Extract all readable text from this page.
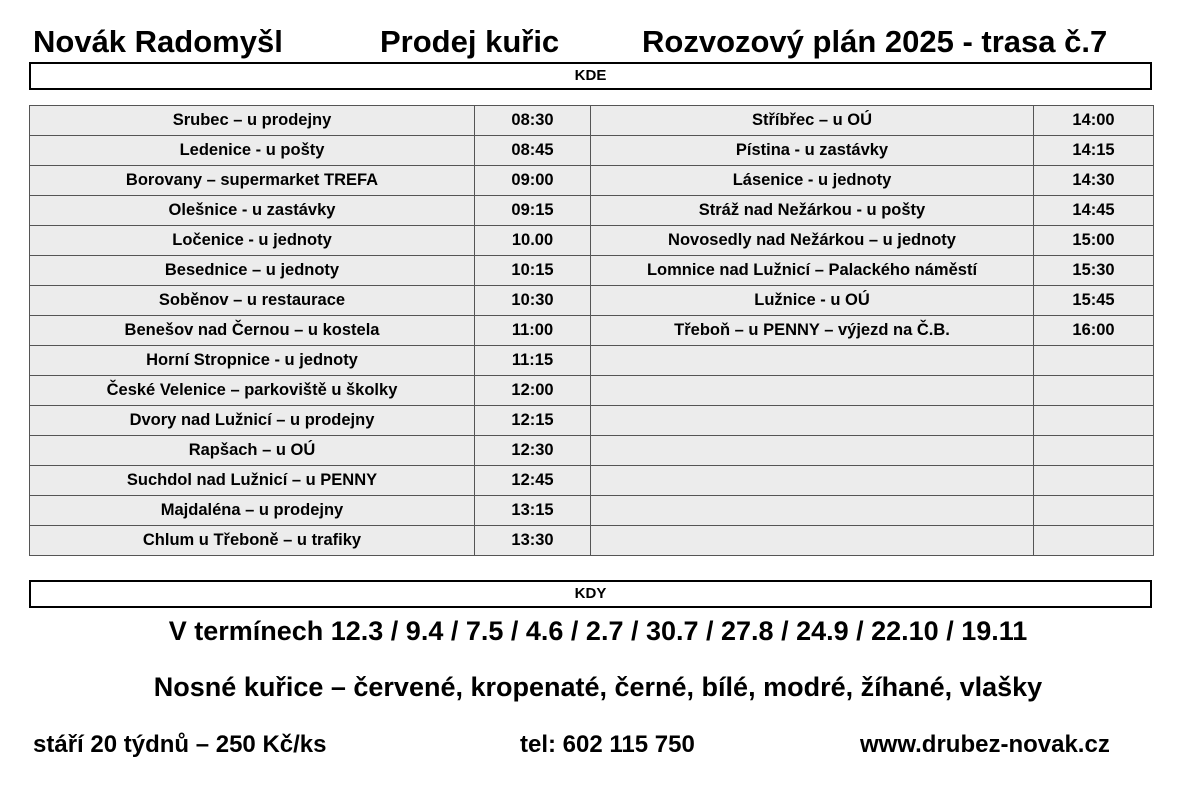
Novák Radomyšl	Prodej kuřic	Rozvozový plán 2025 - trasa č.7
KDE
Srubec – u prodejny	08:30	Stříbřec – u OÚ	14:00
Ledenice - u pošty	08:45	Pístina - u zastávky	14:15
Borovany – supermarket TREFA	09:00	Lásenice - u jednoty	14:30
Olešnice - u zastávky	09:15	Stráž nad Nežárkou - u pošty	14:45
Ločenice - u jednoty	10.00	Novosedly nad Nežárkou – u jednoty	15:00
Besednice – u jednoty	10:15	Lomnice nad Lužnicí – Palackého náměstí	15:30
Soběnov – u restaurace	10:30	Lužnice - u OÚ	15:45
Benešov nad Černou – u kostela	11:00	Třeboň – u PENNY – výjezd na Č.B.	16:00
Horní Stropnice - u jednoty	11:15		
České Velenice – parkoviště u školky	12:00		
Dvory nad Lužnicí – u prodejny	12:15		
Rapšach – u OÚ	12:30		
Suchdol nad Lužnicí – u PENNY	12:45		
Majdaléna – u prodejny	13:15		
Chlum u Třeboně – u trafiky	13:30		
KDY
V termínech 12.3 / 9.4 / 7.5 / 4.6 / 2.7 / 30.7 / 27.8 / 24.9 / 22.10 / 19.11
Nosné kuřice – červené, kropenaté, černé, bílé, modré, žíhané, vlašky
stáří 20 týdnů – 250 Kč/ks	tel: 602 115 750	www.drubez-novak.cz
